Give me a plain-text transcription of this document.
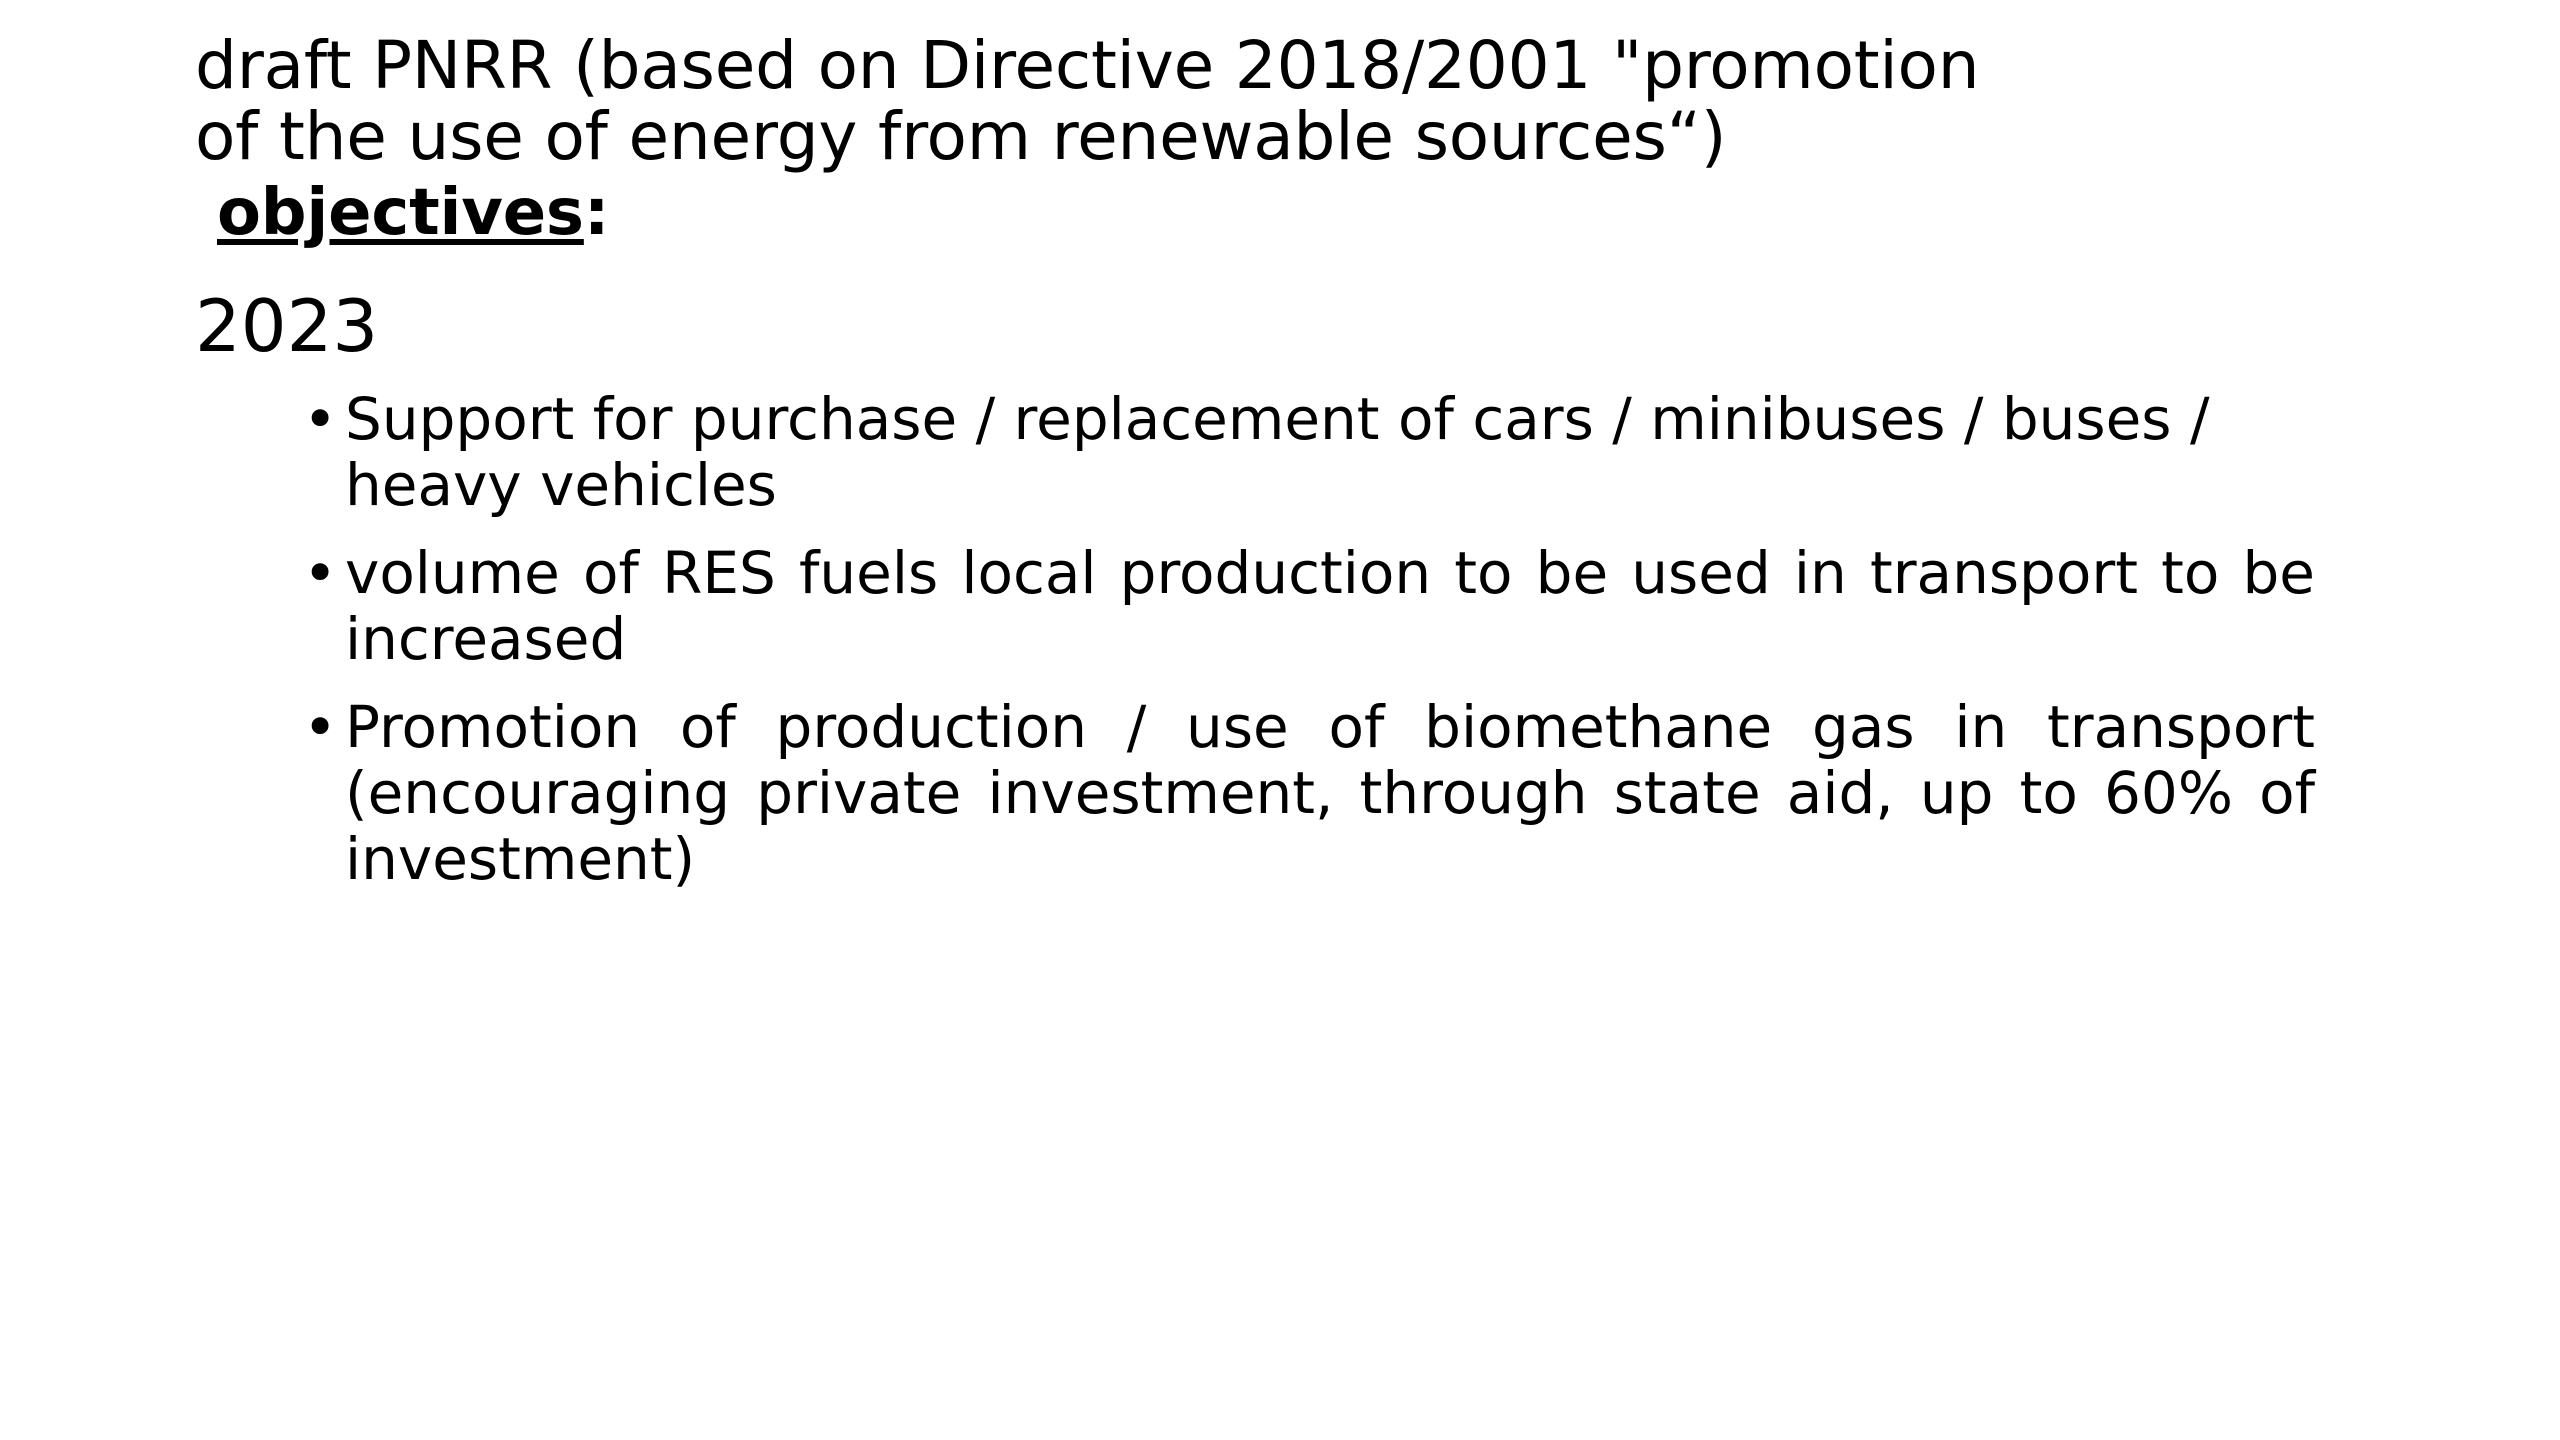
draft PNRR (based on Directive 2018/2001 "promotion
of the use of energy from renewable sources“)
objectives:
2023
• Support for purchase / replacement of cars / minibuses / buses / heavy vehicles
• volume of RES fuels local production to be used in transport to be increased
• Promotion of production / use of biomethane gas in transport (encouraging private investment, through state aid, up to 60% of investment)
